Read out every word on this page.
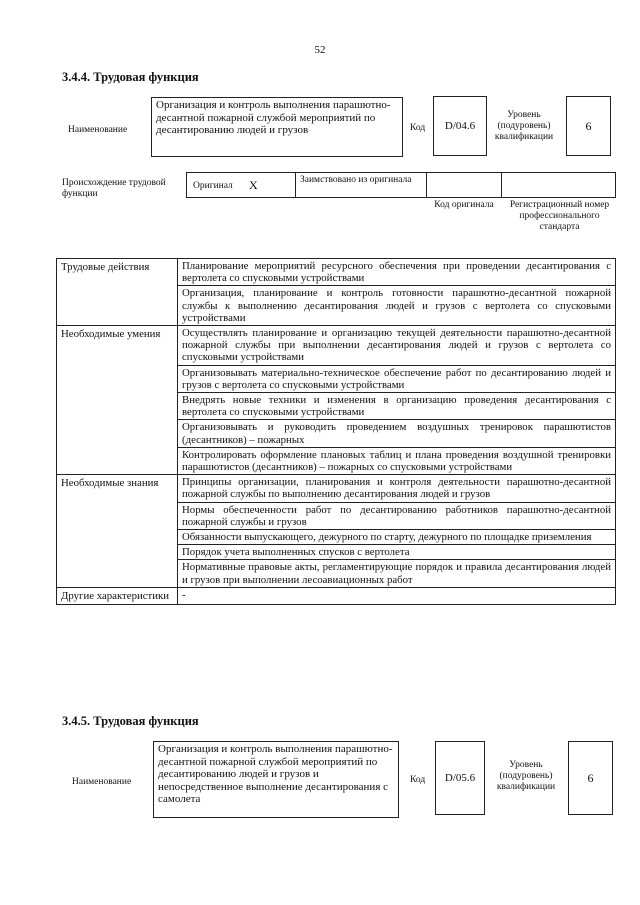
52
3.4.4. Трудовая функция
Наименование
Организация и контроль выполнения парашютно-десантной пожарной службой мероприятий по десантированию людей и грузов	Код	D/04.6
Уровень (подуровень) квалификации
6
Происхождение трудовой функции
Оригинал X	Заимствовано из оригинала
Код оригинала	Регистрационный номер профессионального стандарта
Трудовые действия	Планирование мероприятий ресурсного обеспечения при проведении десантирования с вертолета со спусковыми устройствами
	Организация, планирование и контроль готовности парашютно-десантной пожарной службы к выполнению десантирования людей и грузов с вертолета со спусковыми устройствами
Необходимые умения	Осуществлять планирование и организацию текущей деятельности парашютно-десантной пожарной службы при выполнении десантирования людей и грузов с вертолета со спусковыми устройствами
	Организовывать материально-техническое обеспечение работ по десантированию людей и грузов с вертолета со спусковыми устройствами
	Внедрять новые техники и изменения в организацию проведения десантирования с вертолета со спусковыми устройствами
	Организовывать и руководить проведением воздушных тренировок парашютистов (десантников) – пожарных
	Контролировать оформление плановых таблиц и плана проведения воздушной тренировки парашютистов (десантников) – пожарных со спусковыми устройствами
Необходимые знания	Принципы организации, планирования и контроля деятельности парашютно-десантной пожарной службы по выполнению десантирования людей и грузов
	Нормы обеспеченности работ по десантированию работников парашютно-десантной пожарной службы и грузов
	Обязанности выпускающего, дежурного по старту, дежурного по площадке приземления
	Порядок учета выполненных спусков с вертолета
	Нормативные правовые акты, регламентирующие порядок и правила десантирования людей и грузов при выполнении лесоавиационных работ
Другие характеристики	-
3.4.5. Трудовая функция
Наименование
Организация и контроль выполнения парашютно-десантной пожарной службой мероприятий по десантированию людей и грузов и непосредственное выполнение десантирования с самолета
Код	D/05.6
Уровень (подуровень) квалификации
6
